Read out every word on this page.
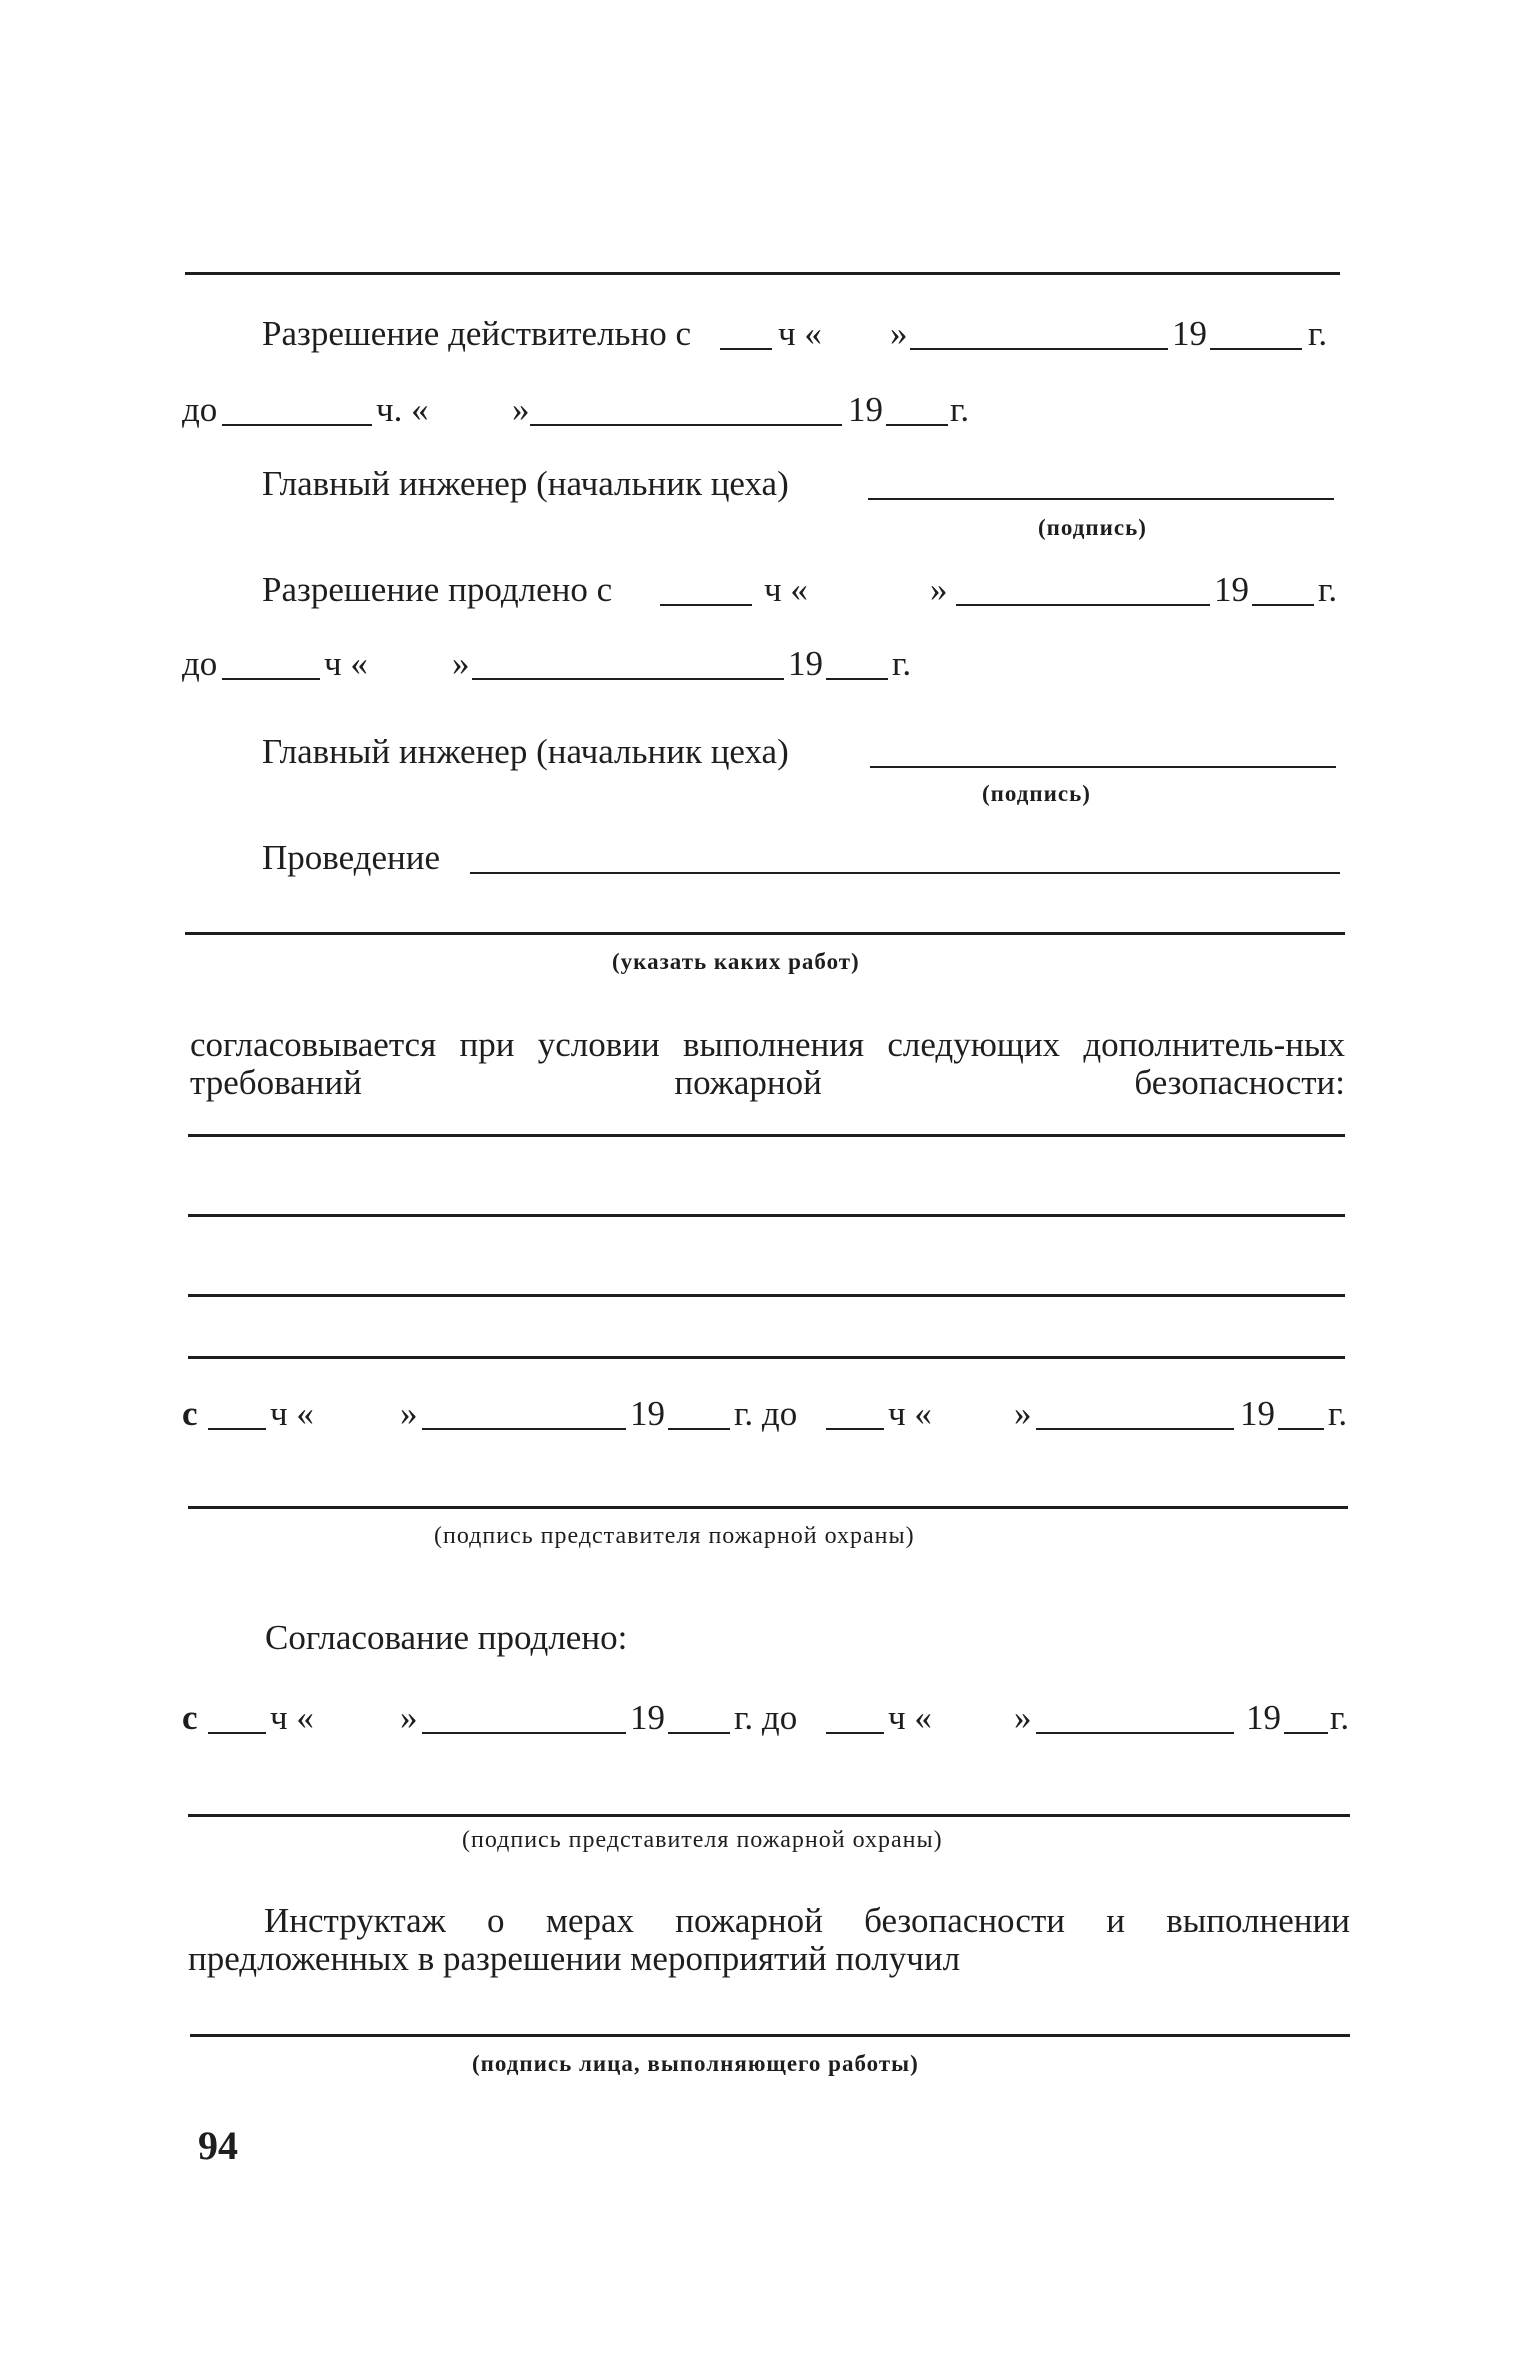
Разрешение действительно с ч « »	19	г.
до	ч. « »	19 г.
Главный инженер (начальник цеха)
(подпись)
Разрешение продлено с	ч «	»	19 г.
до	ч « »	19 г.
Главный инженер (начальник цеха)
(подпись)
Проведение
(указать каких работ)
согласовывается при условии выполнения следующих дополнитель-ных требований пожарной безопасности:
с ч « »	19 г. до	ч « »	19 г.
(подпись представителя пожарной охраны)
Согласование продлено:
с ч « »	19 г. до	ч « »	19 г.
(подпись представителя пожарной охраны)
Инструктаж о мерах пожарной безопасности и выполнении предложенных в разрешении мероприятий получил
(подпись лица, выполняющего работы)
94
